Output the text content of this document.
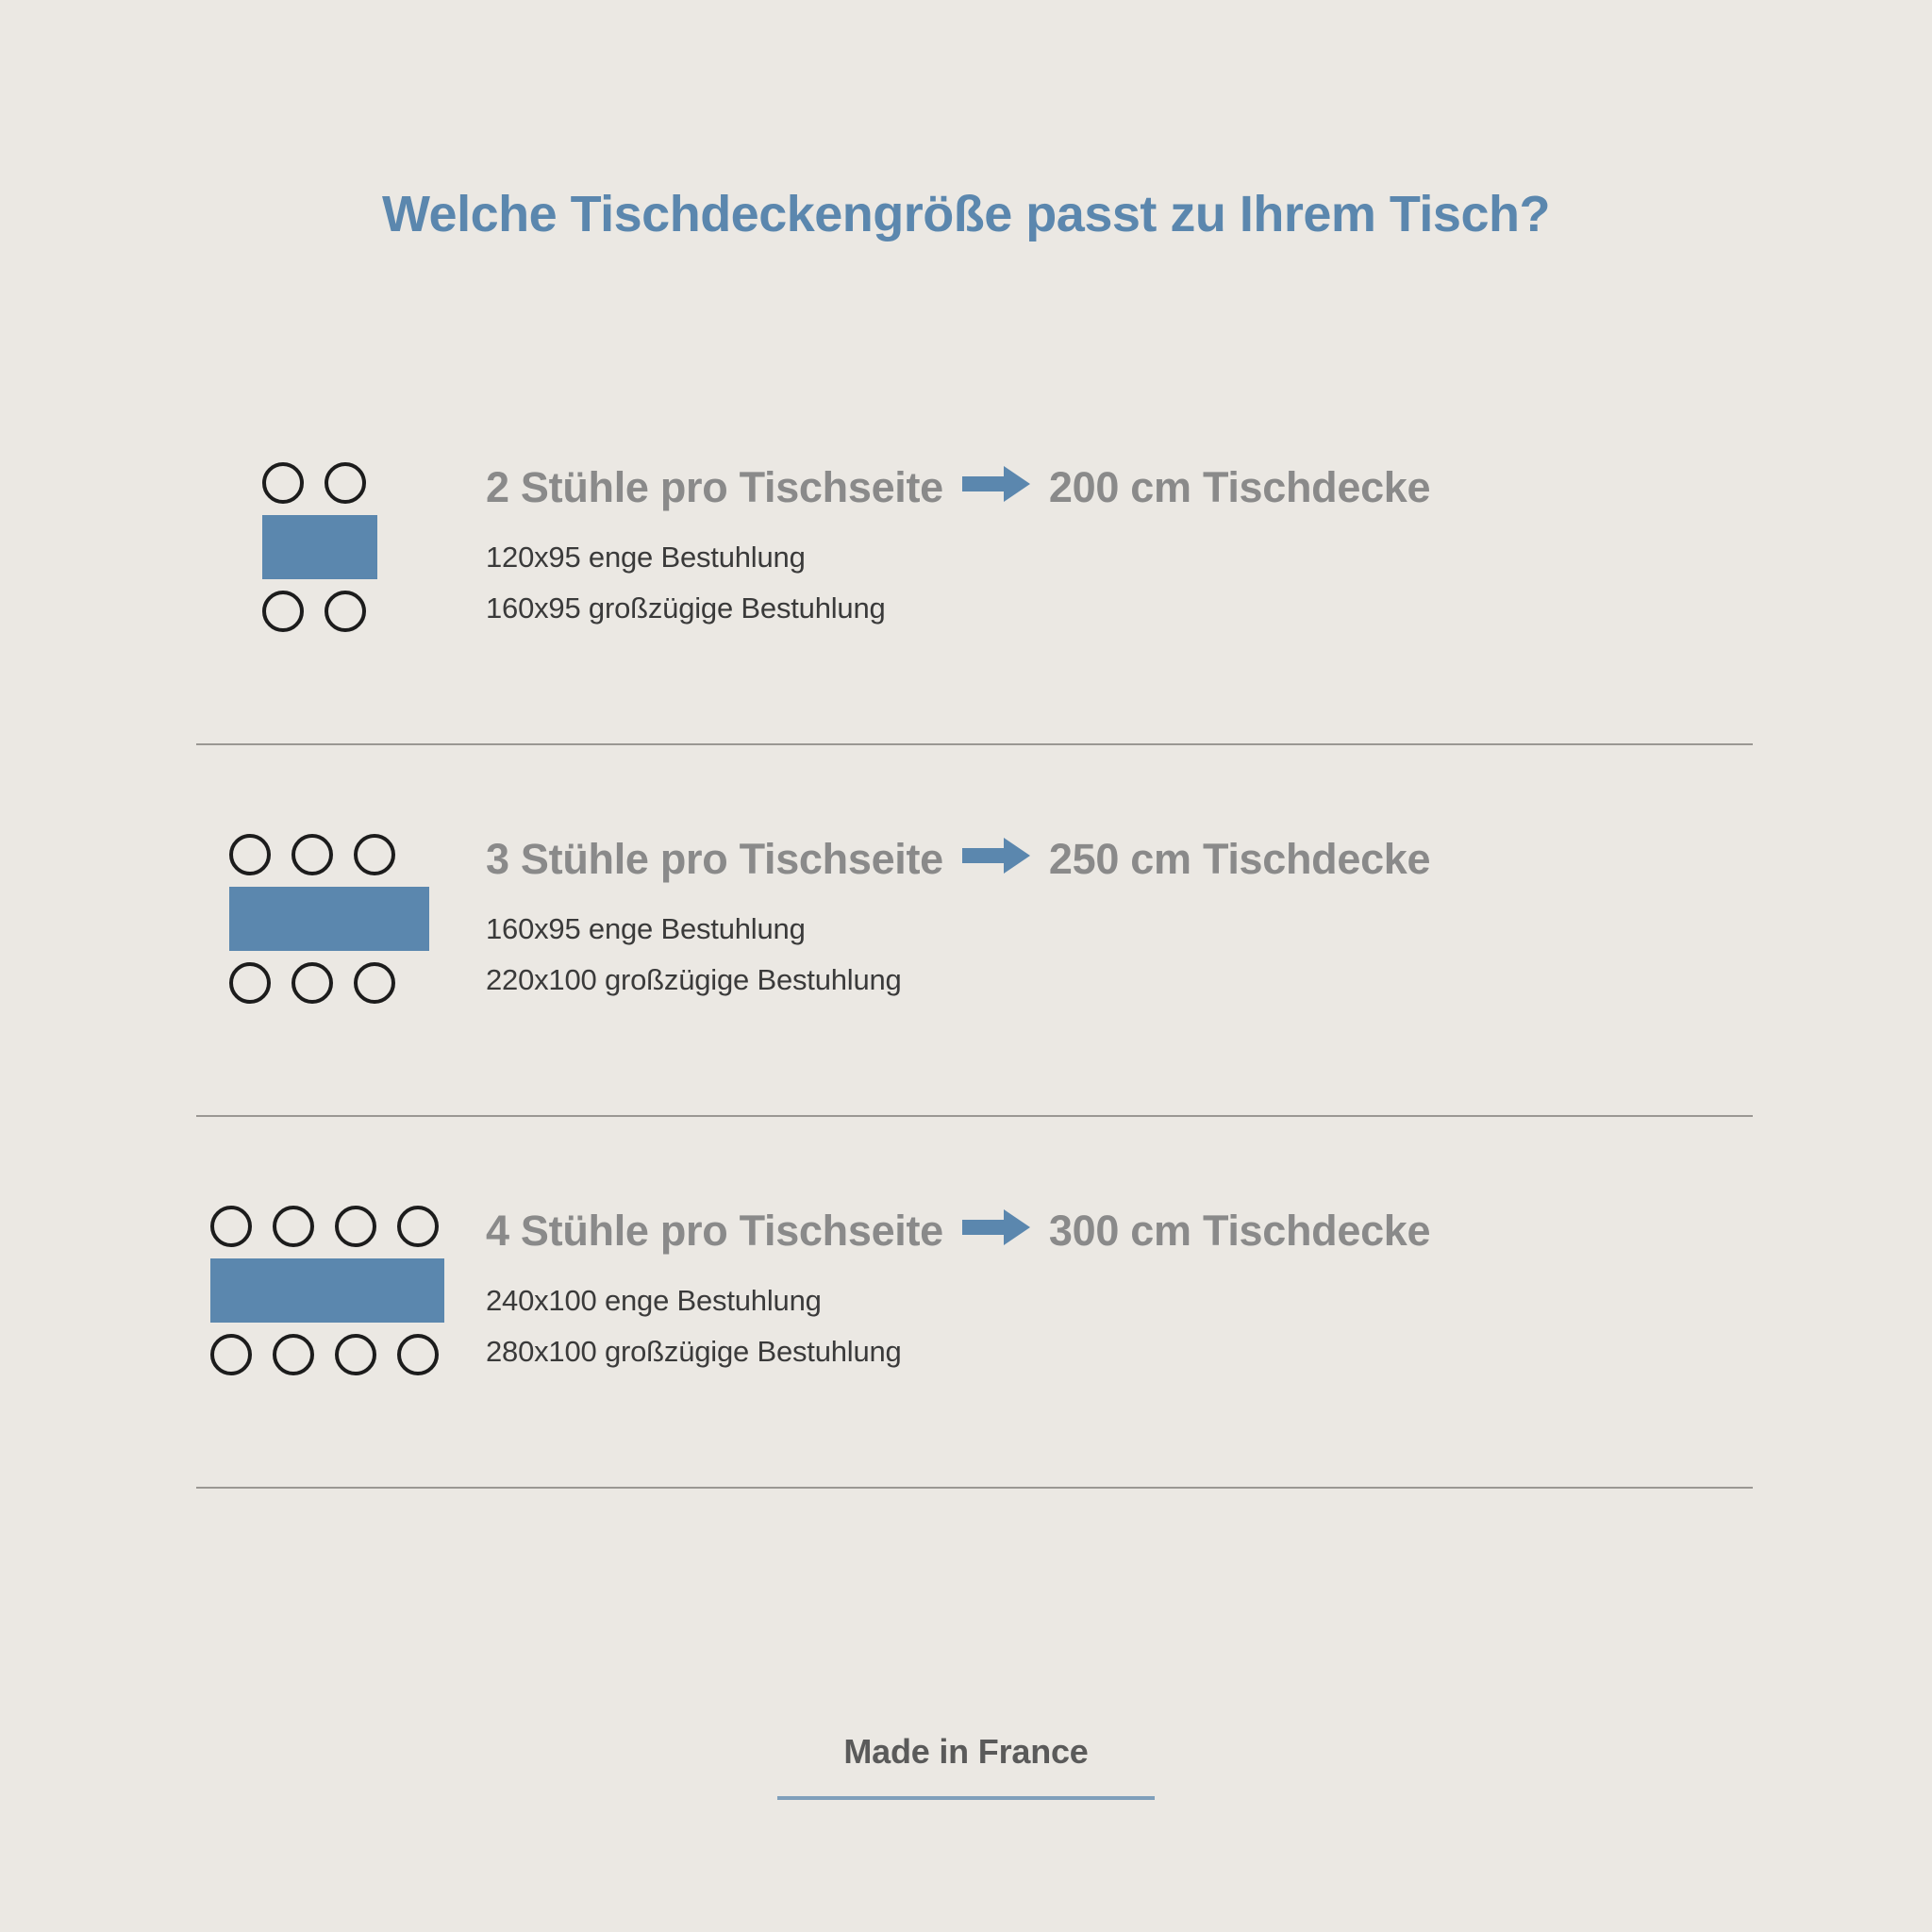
Welche Tischdeckengröße passt zu Ihrem Tisch?
2 Stühle pro Tischseite 200 cm Tischdecke
120x95 enge Bestuhlung
160x95 großzügige Bestuhlung
3 Stühle pro Tischseite 250 cm Tischdecke
160x95 enge Bestuhlung
220x100 großzügige Bestuhlung
4 Stühle pro Tischseite 300 cm Tischdecke
240x100 enge Bestuhlung
280x100 großzügige Bestuhlung
Made in France
